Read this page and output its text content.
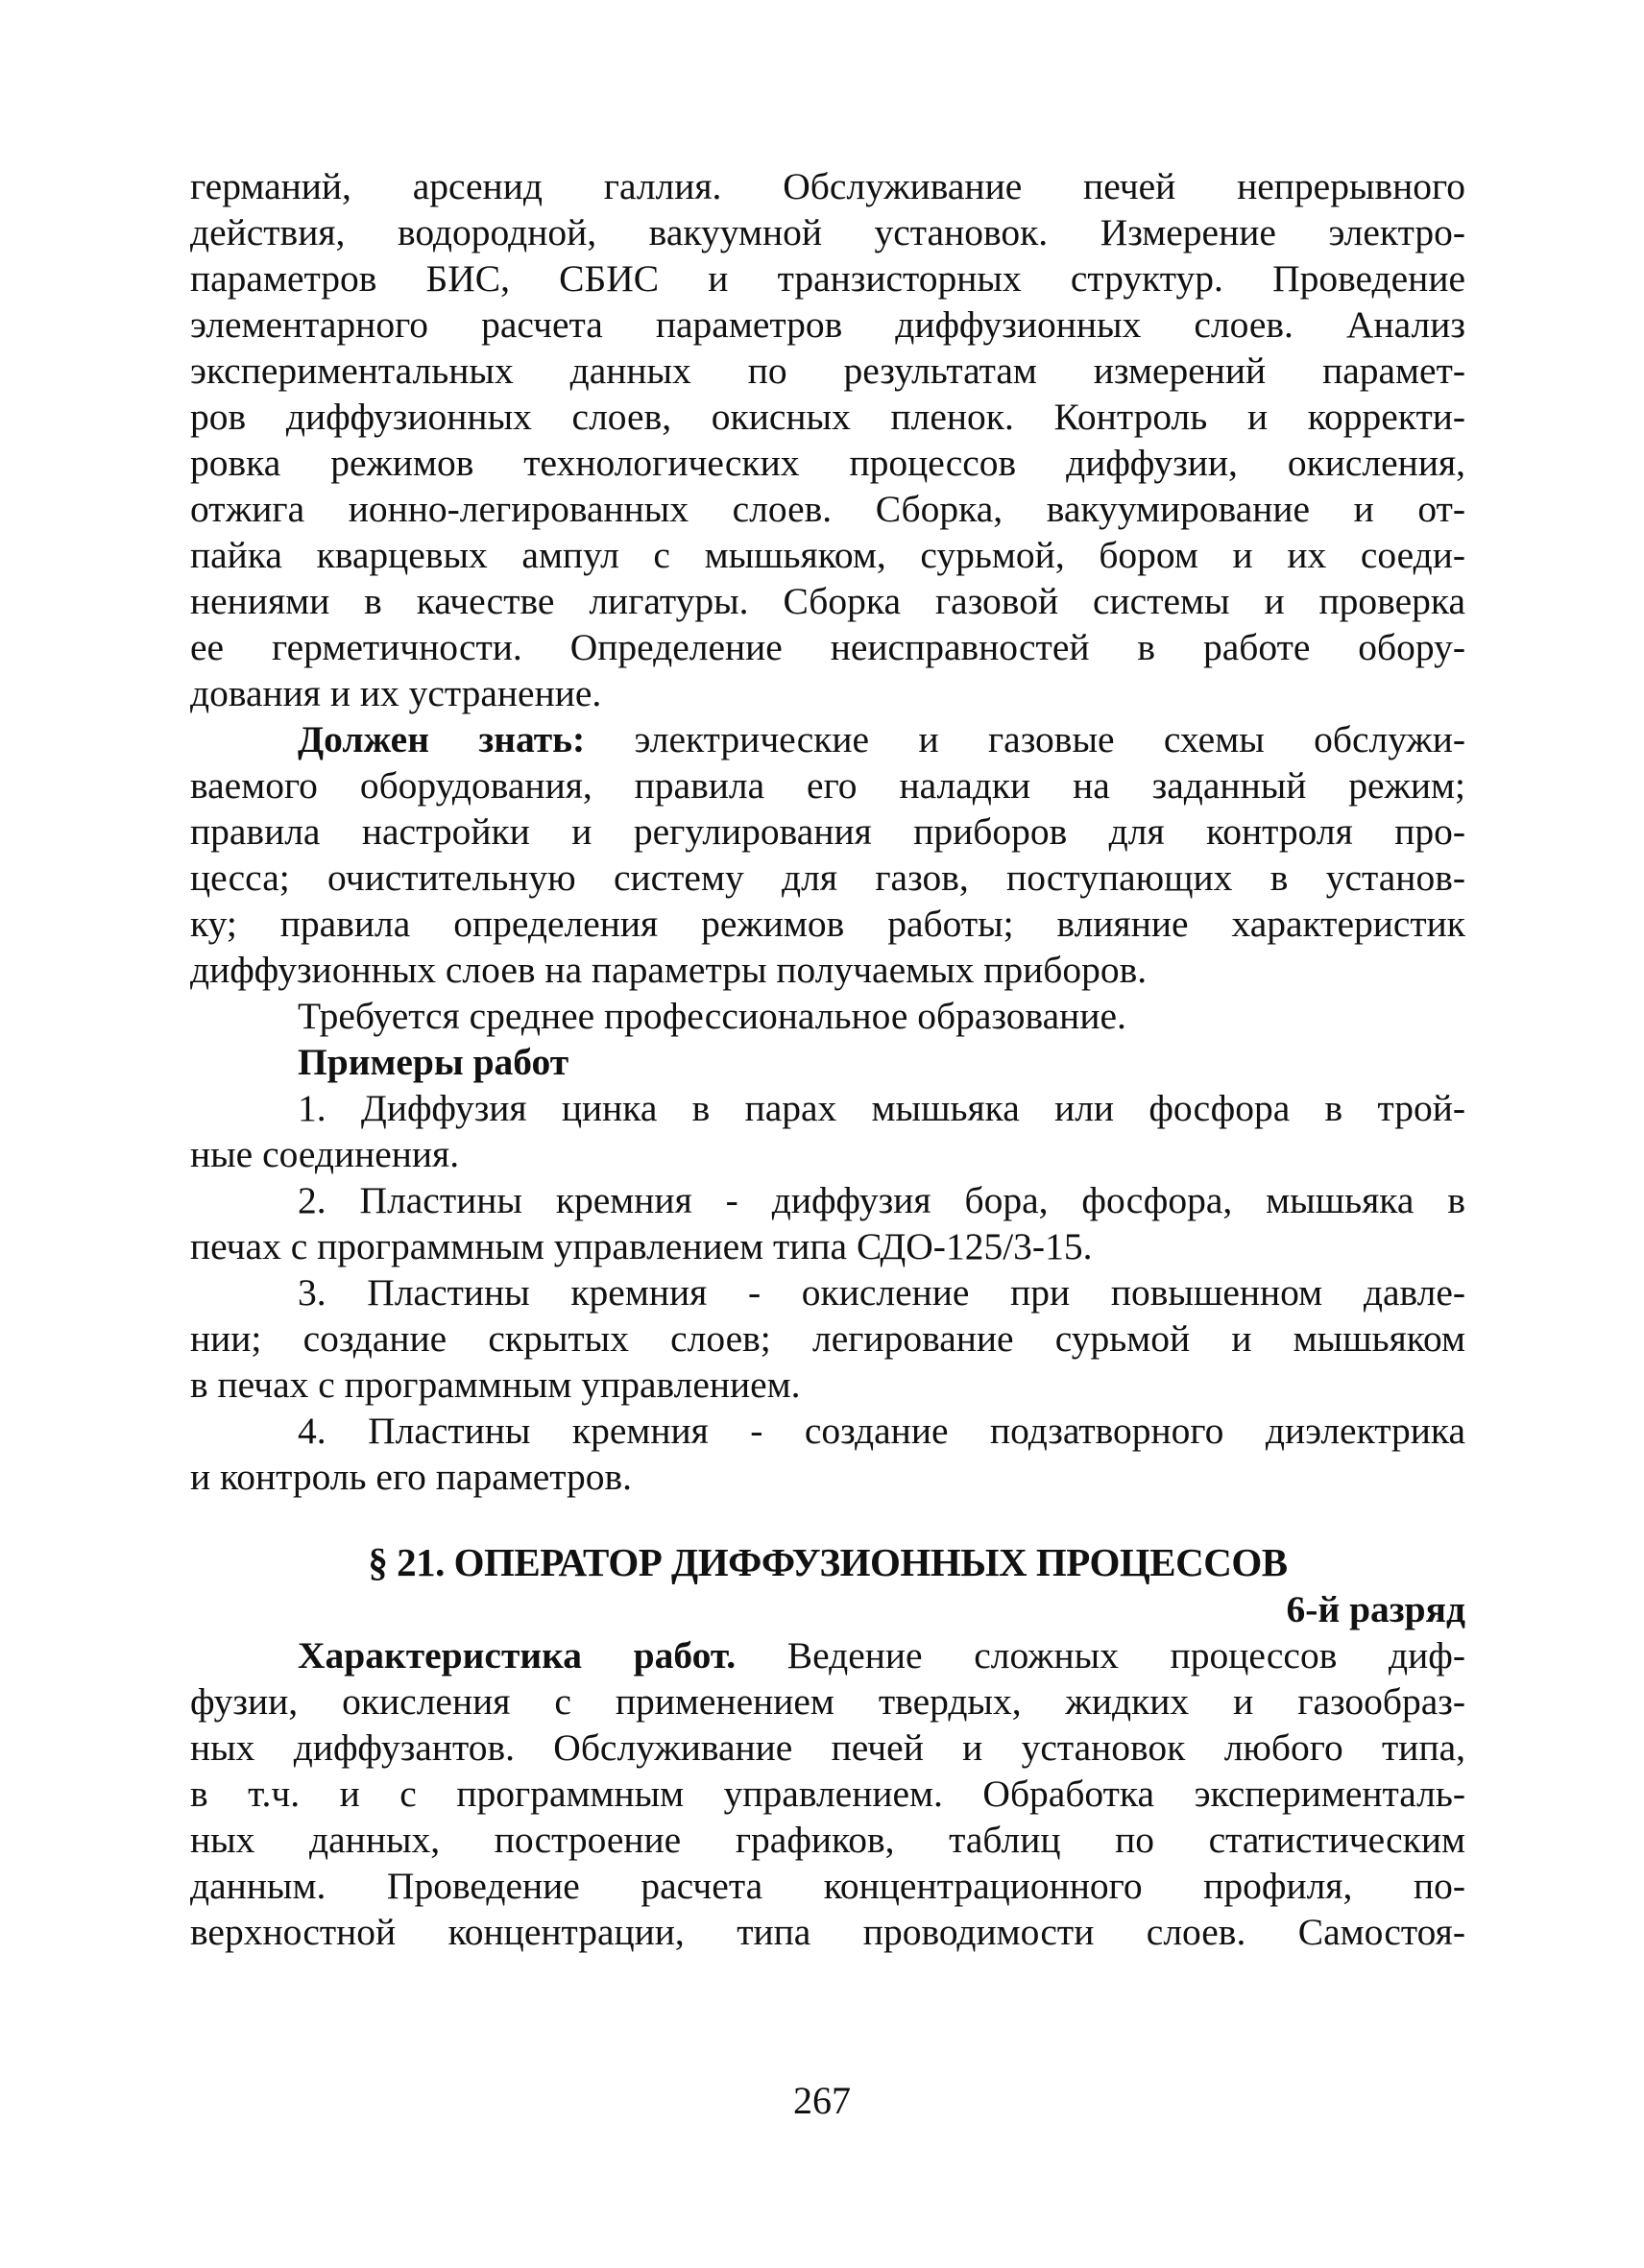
германий, арсенид галлия. Обслуживание печей непрерывного
действия, водородной, вакуумной установок. Измерение электро-
параметров БИС, СБИС и транзисторных структур. Проведение
элементарного расчета параметров диффузионных слоев. Анализ
экспериментальных данных по результатам измерений парамет-
ров диффузионных слоев, окисных пленок. Контроль и корректи-
ровка режимов технологических процессов диффузии, окисления,
отжига ионно-легированных слоев. Сборка, вакуумирование и от-
пайка кварцевых ампул с мышьяком, сурьмой, бором и их соеди-
нениями в качестве лигатуры. Сборка газовой системы и проверка
ее герметичности. Определение неисправностей в работе обору-
дования и их устранение.
Должен знать: электрические и газовые схемы обслужи-
ваемого оборудования, правила его наладки на заданный режим;
правила настройки и регулирования приборов для контроля про-
цесса; очистительную систему для газов, поступающих в установ-
ку; правила определения режимов работы; влияние характеристик
диффузионных слоев на параметры получаемых приборов.
Требуется среднее профессиональное образование.
Примеры работ
1. Диффузия цинка в парах мышьяка или фосфора в трой-
ные соединения.
2. Пластины кремния - диффузия бора, фосфора, мышьяка в
печах с программным управлением типа СДО-125/3-15.
3. Пластины кремния - окисление при повышенном давле-
нии; создание скрытых слоев; легирование сурьмой и мышьяком
в печах с программным управлением.
4. Пластины кремния - создание подзатворного диэлектрика
и контроль его параметров.
§ 21. ОПЕРАТОР ДИФФУЗИОННЫХ ПРОЦЕССОВ
6-й разряд
Характеристика работ. Ведение сложных процессов диф-
фузии, окисления с применением твердых, жидких и газообраз-
ных диффузантов. Обслуживание печей и установок любого типа,
в т.ч. и с программным управлением. Обработка эксперименталь-
ных данных, построение графиков, таблиц по статистическим
данным. Проведение расчета концентрационного профиля, по-
верхностной концентрации, типа проводимости слоев. Самостоя-
267
